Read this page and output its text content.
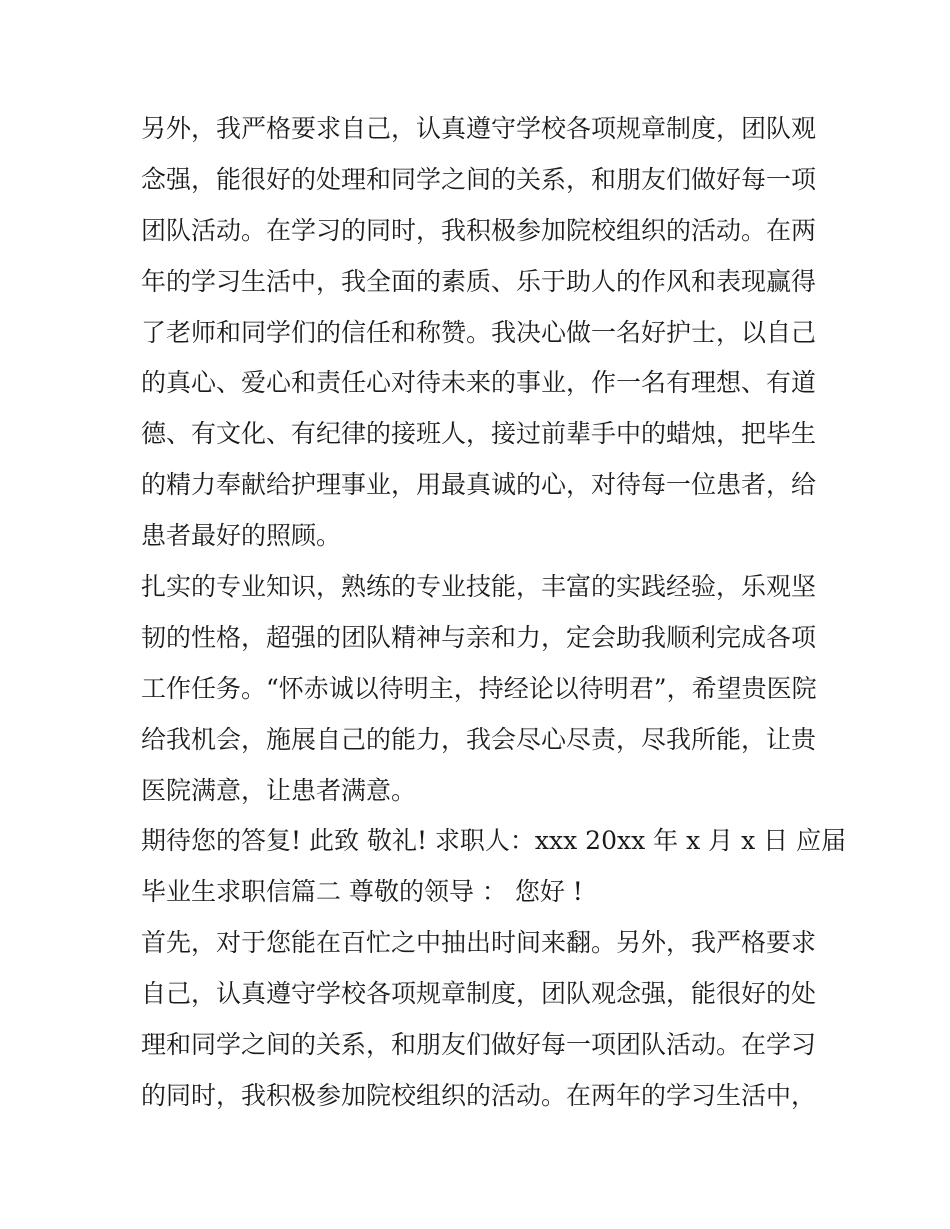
另外，我严格要求自己，认真遵守学校各项规章制度，团队观
念强，能很好的处理和同学之间的关系，和朋友们做好每一项
团队活动。在学习的同时，我积极参加院校组织的活动。在两
年的学习生活中，我全面的素质、乐于助人的作风和表现赢得
了老师和同学们的信任和称赞。我决心做一名好护士，以自己
的真心、爱心和责任心对待未来的事业，作一名有理想、有道
德、有文化、有纪律的接班人，接过前辈手中的蜡烛，把毕生
的精力奉献给护理事业，用最真诚的心，对待每一位患者，给
患者最好的照顾。
扎实的专业知识，熟练的专业技能，丰富的实践经验，乐观坚
韧的性格，超强的团队精神与亲和力，定会助我顺利完成各项
工作任务。“怀赤诚以待明主，持经论以待明君”，希望贵医院
给我机会，施展自己的能力，我会尽心尽责，尽我所能，让贵
医院满意，让患者满意。
期待您的答复! 此致 敬礼! 求职人：xxx 20xx 年 x 月 x 日 应届
毕业生求职信篇二 尊敬的领导 ： 您好 !
首先，对于您能在百忙之中抽出时间来翻。另外，我严格要求
自己，认真遵守学校各项规章制度，团队观念强，能很好的处
理和同学之间的关系，和朋友们做好每一项团队活动。在学习
的同时，我积极参加院校组织的活动。在两年的学习生活中，
